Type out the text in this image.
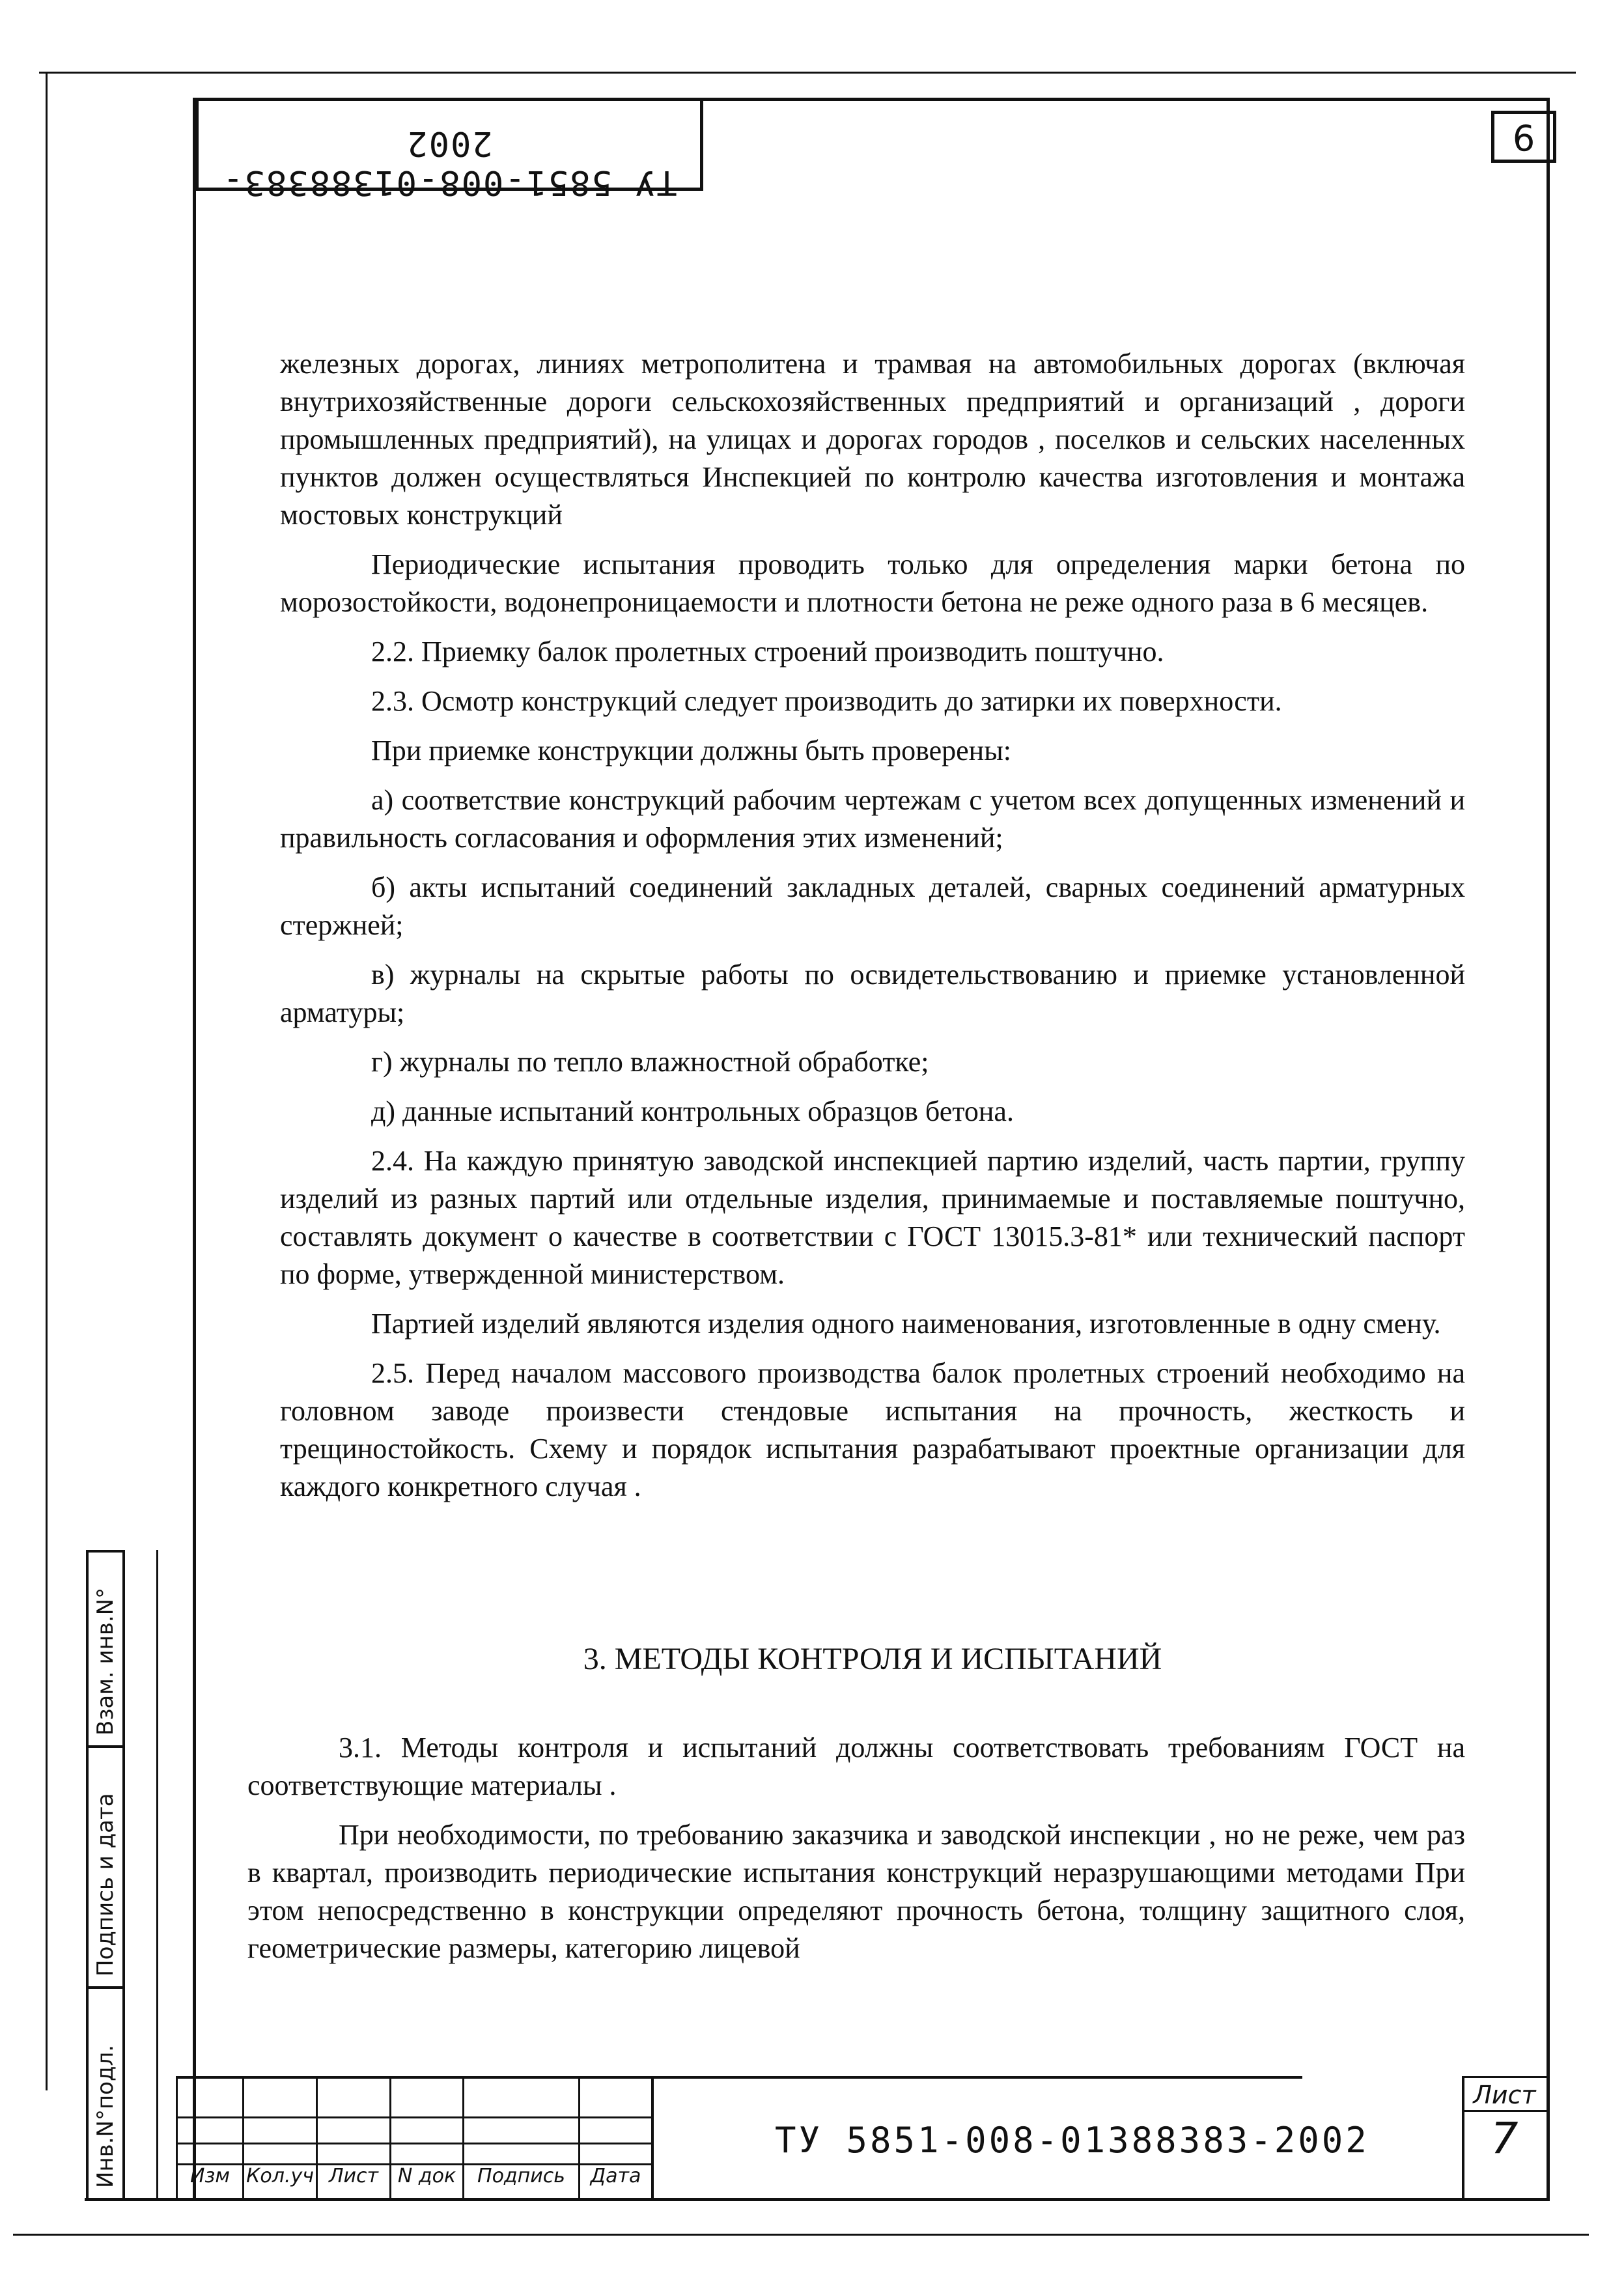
ТУ 5851-008-01388383-2002	9

железных дорогах, линиях метрополитена и трамвая на автомобильных дорогах (включая внутрихозяйственные дороги сельскохозяйственных предприятий и организаций , дороги промышленных предприятий), на улицах и дорогах городов , поселков и сельских населенных пунктов должен осуществляться Инспекцией по контролю качества изготовления и монтажа мостовых конструкций

Периодические испытания проводить только для определения марки бетона по морозостойкости, водонепроницаемости и плотности бетона не реже одного раза в 6 месяцев.

2.2. Приемку балок пролетных строений производить поштучно.

2.3. Осмотр конструкций следует производить до затирки их поверхности.

При приемке конструкции должны быть проверены:

а) соответствие конструкций рабочим чертежам с учетом всех допущенных изменений и правильность согласования и оформления этих изменений;

б) акты испытаний соединений закладных деталей, сварных соединений арматурных стержней;

в) журналы на скрытые работы по освидетельствованию и приемке установленной арматуры;

г) журналы по тепло влажностной обработке;

д) данные испытаний контрольных образцов бетона.

2.4. На каждую принятую заводской инспекцией партию изделий, часть партии, группу изделий из разных партий или отдельные изделия, принимаемые и поставляемые поштучно, составлять документ о качестве в соответствии с ГОСТ 13015.3-81* или технический паспорт по форме, утвержденной министерством.

Партией изделий являются изделия одного наименования, изготовленные в одну смену.

2.5. Перед началом массового производства балок пролетных строений необходимо на головном заводе произвести стендовые испытания на прочность, жесткость и трещиностойкость. Схему и порядок испытания разрабатывают проектные организации для каждого конкретного случая .

3. МЕТОДЫ КОНТРОЛЯ И ИСПЫТАНИЙ

3.1. Методы контроля и испытаний должны соответствовать требованиям ГОСТ на соответствующие материалы .

При необходимости, по требованию заказчика и заводской инспекции , но не реже, чем раз в квартал, производить периодические испытания конструкций неразрушающими методами При этом непосредственно в конструкции определяют прочность бетона, толщину защитного слоя, геометрические размеры, категорию лицевой

Взам. инв.N°
Подпись и дата
Инв.N°подл.	Изм Кол.уч Лист N док	Подпись	Дата
ТУ 5851-008-01388383-2002
Лист
7
